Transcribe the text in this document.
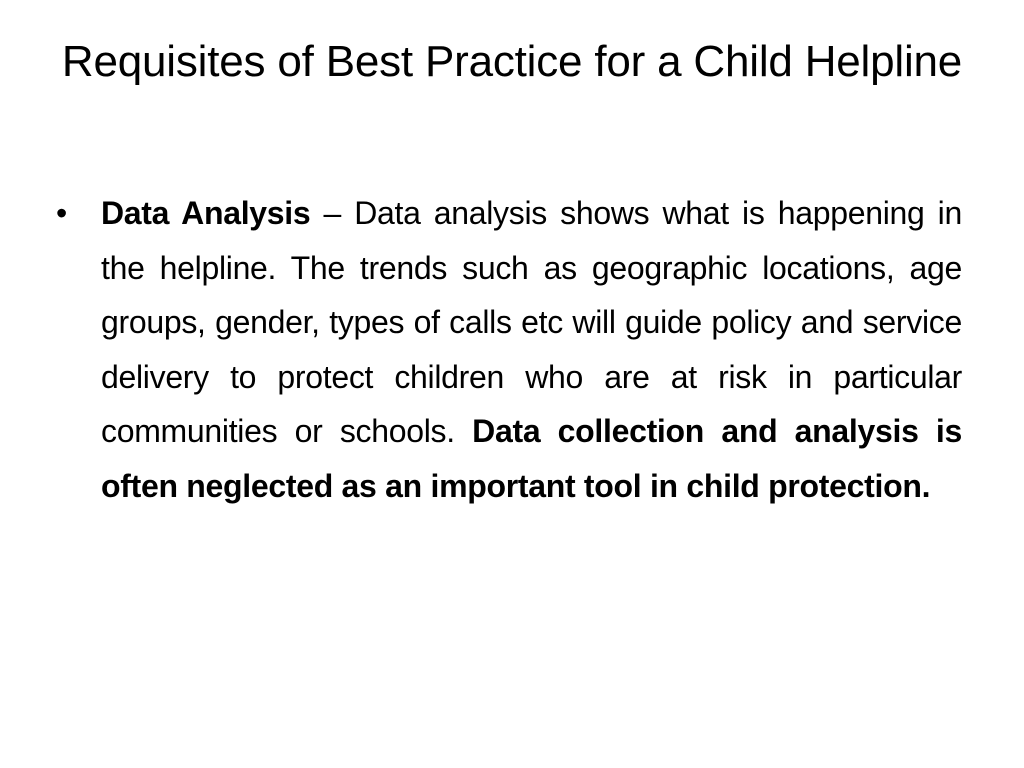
Requisites of Best Practice for a Child Helpline
• Data Analysis – Data analysis shows what is happening in the helpline. The trends such as geographic locations, age groups, gender, types of calls etc will guide policy and service delivery to protect children who are at risk in particular communities or schools. Data collection and analysis is often neglected as an important tool in child protection.
